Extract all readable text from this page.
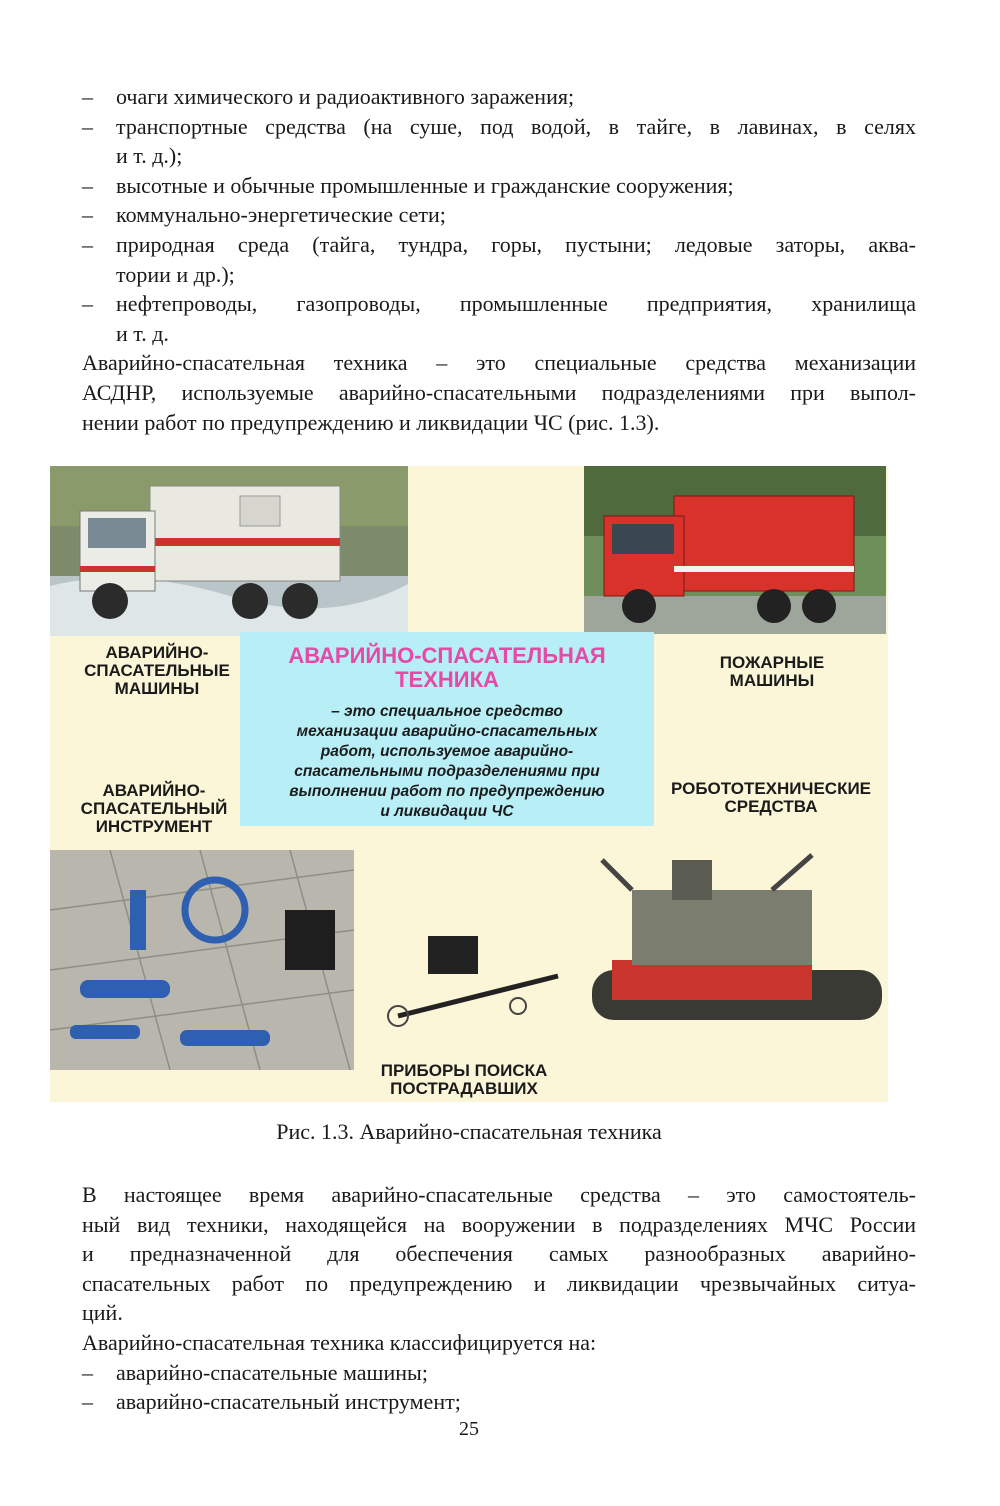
– очаги химического и радиоактивного заражения;
– транспортные средства (на суше, под водой, в тайге, в лавинах, в селях
и т. д.);
– высотные и обычные промышленные и гражданские сооружения;
– коммунально-энергетические сети;
– природная среда (тайга, тундра, горы, пустыни; ледовые заторы, аква-
тории и др.);
– нефтепроводы, газопроводы, промышленные предприятия, хранилища
и т. д.
Аварийно-спасательная техника – это специальные средства механизации
АСДНР, используемые аварийно-спасательными подразделениями при выпол-
нении работ по предупреждению и ликвидации ЧС (рис. 1.3).
АВАРИЙНО-СПАСАТЕЛЬНАЯ
ТЕХНИКА
– это специальное средство
механизации аварийно-спасательных
работ, используемое аварийно-
спасательными подразделениями при
выполнении работ по предупреждению
и ликвидации ЧС
АВАРИЙНО-
СПАСАТЕЛЬНЫЕ
МАШИНЫ
ПОЖАРНЫЕ
МАШИНЫ
АВАРИЙНО-
СПАСАТЕЛЬНЫЙ
ИНСТРУМЕНТ
РОБОТОТЕХНИЧЕСКИЕ
СРЕДСТВА
ПРИБОРЫ ПОИСКА
ПОСТРАДАВШИХ
Рис. 1.3. Аварийно-спасательная техника
В настоящее время аварийно-спасательные средства – это самостоятель-
ный вид техники, находящейся на вооружении в подразделениях МЧС России
и предназначенной для обеспечения самых разнообразных аварийно-
спасательных работ по предупреждению и ликвидации чрезвычайных ситуа-
ций.
Аварийно-спасательная техника классифицируется на:
– аварийно-спасательные машины;
– аварийно-спасательный инструмент;
25
